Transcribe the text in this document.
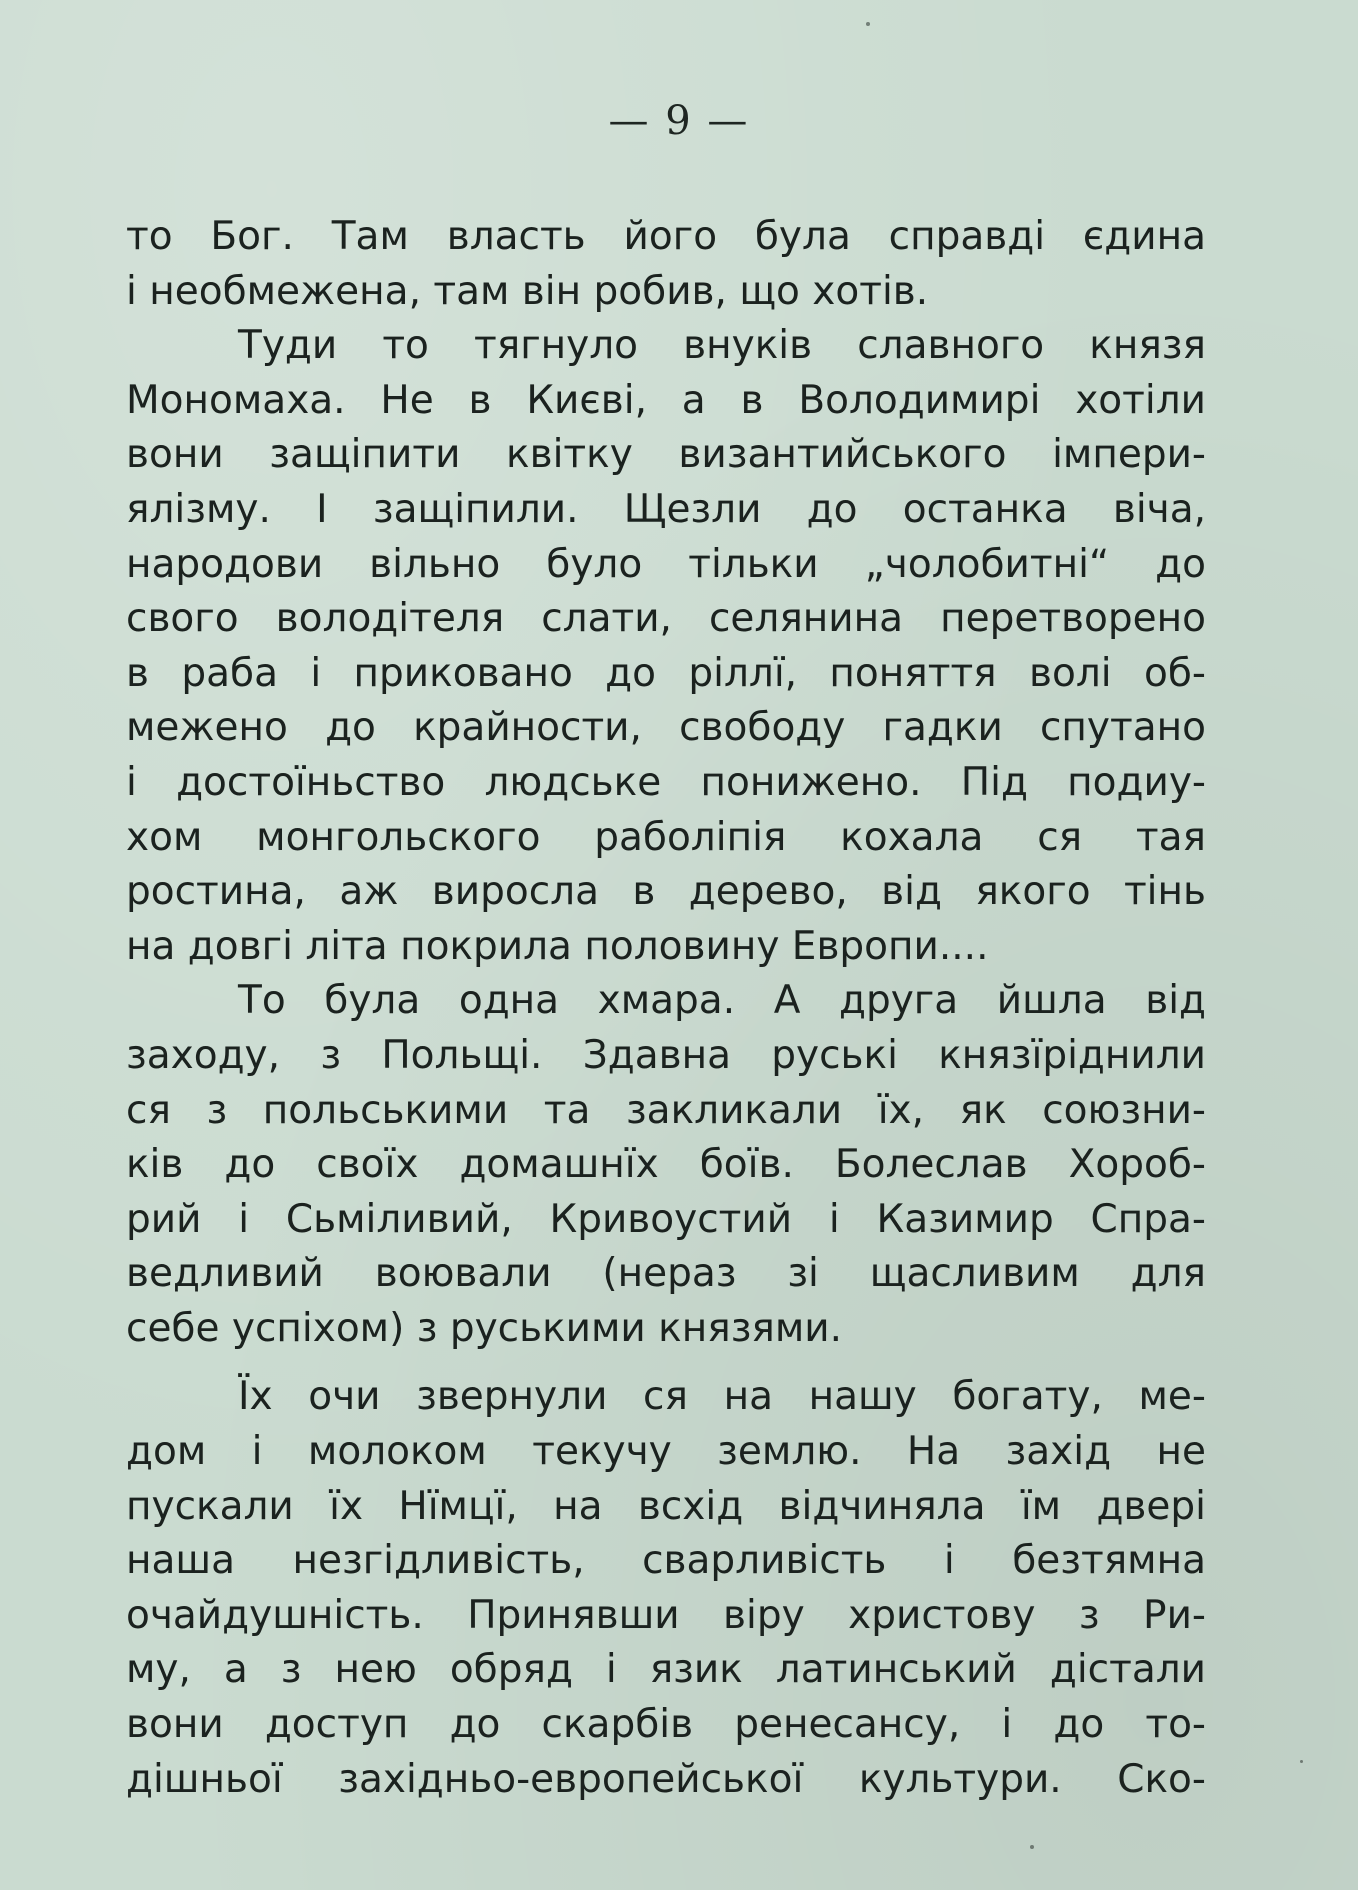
— 9 —
то Бог. Там власть його була справді єдина
і необмежена, там він робив, що хотів.
Туди то тягнуло внуків славного князя
Мономаха. Не в Києві, а в Володимирі хотіли
вони защіпити квітку византийського імпери-
ялізму. І защіпили. Щезли до останка віча,
народови вільно було тільки „чолобитні“ до
свого володітеля слати, селянина перетворено
в раба і приковано до ріллї, поняття волі об-
межено до крайности, свободу гадки спутано
і достоїньство людське понижено. Під подиу-
хом монгольского раболіпія кохала ся тая
ростина, аж виросла в дерево, від якого тінь
на довгі літа покрила половину Европи....
То була одна хмара. А друга йшла від
заходу, з Польщі. Здавна руські князїріднили
ся з польськими та закликали їх, як союзни-
ків до своїх домашнїх боїв. Болеслав Хороб-
рий і Сьміливий, Кривоустий і Казимир Спра-
ведливий воювали (нераз зі щасливим для
себе успіхом) з руськими князями.
Їх очи звернули ся на нашу богату, ме-
дом і молоком текучу землю. На захід не
пускали їх Нїмцї, на всхід відчиняла їм двері
наша незгідливість, сварливість і безтямна
очайдушність. Принявши віру христову з Ри-
му, а з нею обряд і язик латинський дістали
вони доступ до скарбів ренесансу, і до то-
дішньої західньо-европейської культури. Ско-
